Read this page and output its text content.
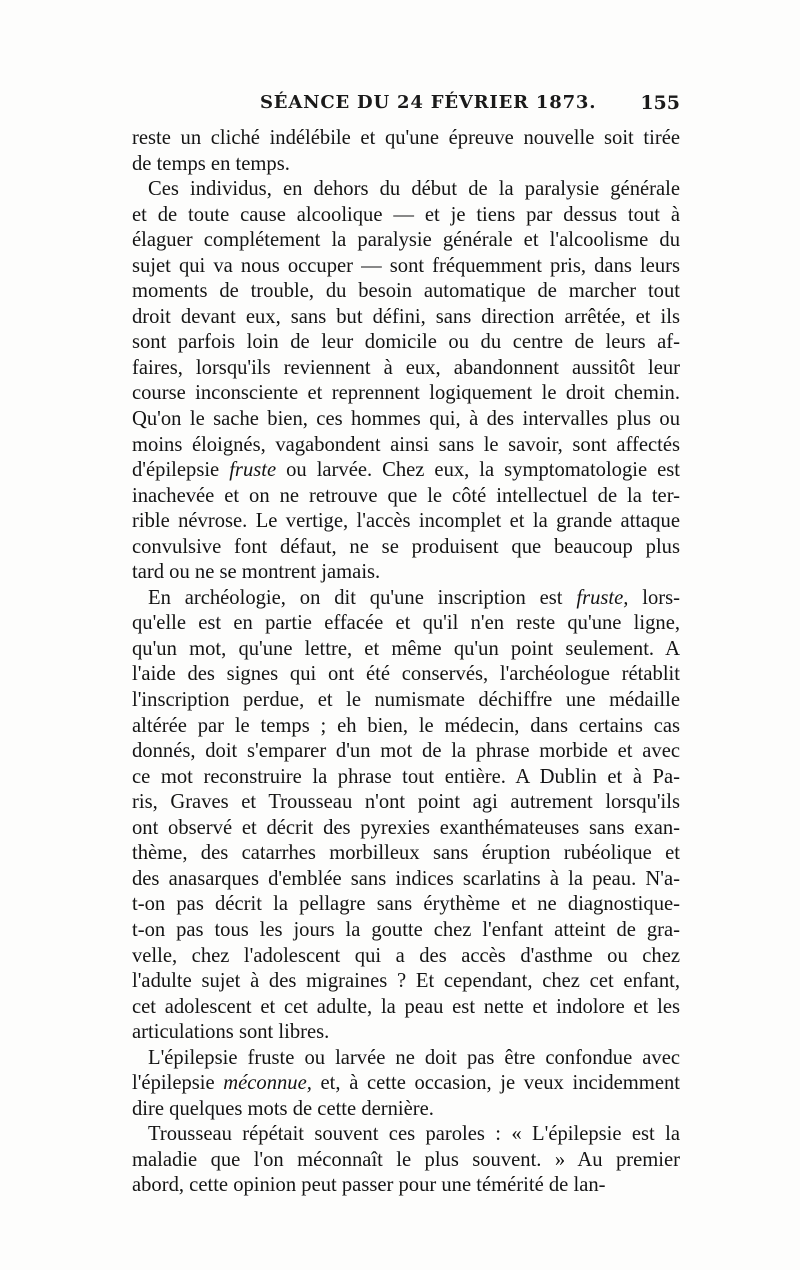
SÉANCE DU 24 FÉVRIER 1873. 155
reste un cliché indélébile et qu'une épreuve nouvelle soit tirée
de temps en temps.
Ces individus, en dehors du début de la paralysie générale
et de toute cause alcoolique — et je tiens par dessus tout à
élaguer complétement la paralysie générale et l'alcoolisme du
sujet qui va nous occuper — sont fréquemment pris, dans leurs
moments de trouble, du besoin automatique de marcher tout
droit devant eux, sans but défini, sans direction arrêtée, et ils
sont parfois loin de leur domicile ou du centre de leurs af-
faires, lorsqu'ils reviennent à eux, abandonnent aussitôt leur
course inconsciente et reprennent logiquement le droit chemin.
Qu'on le sache bien, ces hommes qui, à des intervalles plus ou
moins éloignés, vagabondent ainsi sans le savoir, sont affectés
d'épilepsie fruste ou larvée. Chez eux, la symptomatologie est
inachevée et on ne retrouve que le côté intellectuel de la ter-
rible névrose. Le vertige, l'accès incomplet et la grande attaque
convulsive font défaut, ne se produisent que beaucoup plus
tard ou ne se montrent jamais.
En archéologie, on dit qu'une inscription est fruste, lors-
qu'elle est en partie effacée et qu'il n'en reste qu'une ligne,
qu'un mot, qu'une lettre, et même qu'un point seulement. A
l'aide des signes qui ont été conservés, l'archéologue rétablit
l'inscription perdue, et le numismate déchiffre une médaille
altérée par le temps ; eh bien, le médecin, dans certains cas
donnés, doit s'emparer d'un mot de la phrase morbide et avec
ce mot reconstruire la phrase tout entière. A Dublin et à Pa-
ris, Graves et Trousseau n'ont point agi autrement lorsqu'ils
ont observé et décrit des pyrexies exanthémateuses sans exan-
thème, des catarrhes morbilleux sans éruption rubéolique et
des anasarques d'emblée sans indices scarlatins à la peau. N'a-
t-on pas décrit la pellagre sans érythème et ne diagnostique-
t-on pas tous les jours la goutte chez l'enfant atteint de gra-
velle, chez l'adolescent qui a des accès d'asthme ou chez
l'adulte sujet à des migraines ? Et cependant, chez cet enfant,
cet adolescent et cet adulte, la peau est nette et indolore et les
articulations sont libres.
L'épilepsie fruste ou larvée ne doit pas être confondue avec
l'épilepsie méconnue, et, à cette occasion, je veux incidemment
dire quelques mots de cette dernière.
Trousseau répétait souvent ces paroles : « L'épilepsie est la
maladie que l'on méconnaît le plus souvent. » Au premier
abord, cette opinion peut passer pour une témérité de lan-
